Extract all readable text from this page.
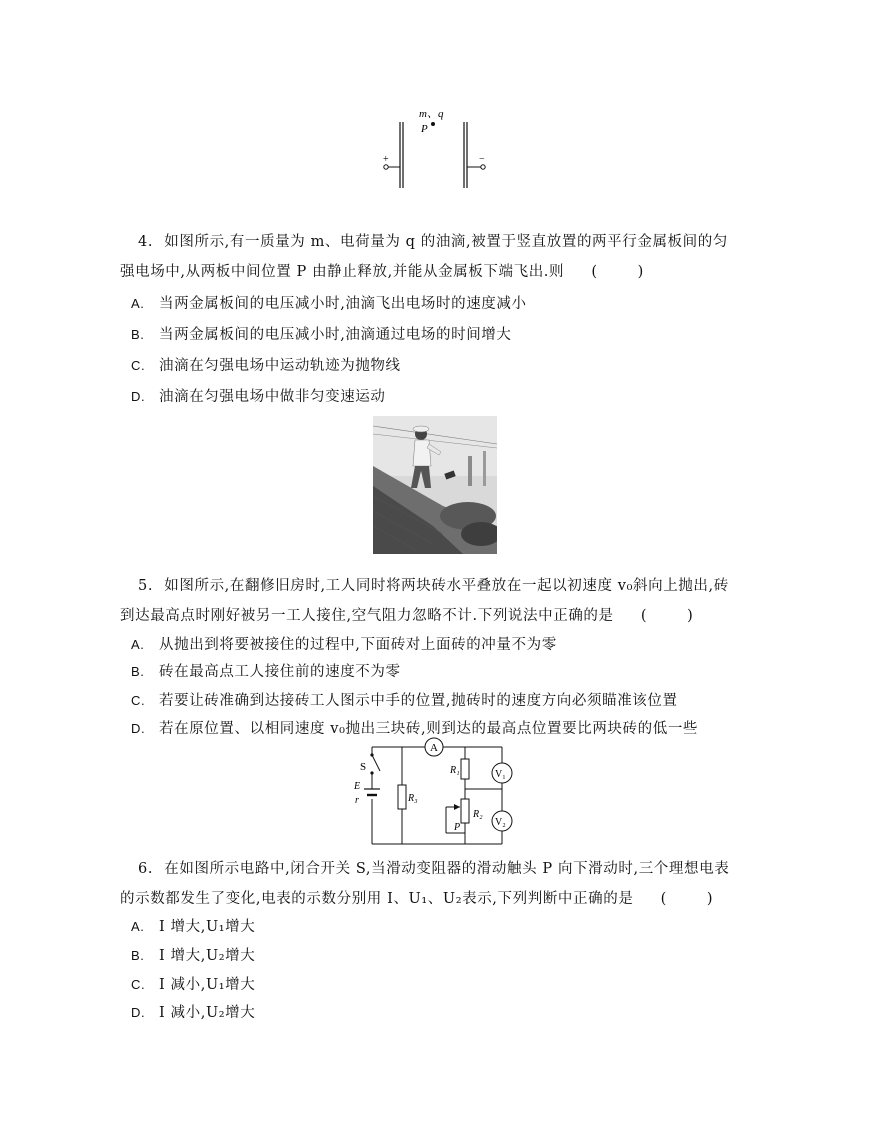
m、q
P
+	−
4. 如图所示,有一质量为 m、电荷量为 q 的油滴,被置于竖直放置的两平行金属板间的匀
强电场中,从两板中间位置 P 由静止释放,并能从金属板下端飞出.则 (	)
A. 当两金属板间的电压减小时,油滴飞出电场时的速度减小
B. 当两金属板间的电压减小时,油滴通过电场的时间增大
C. 油滴在匀强电场中运动轨迹为抛物线
D. 油滴在匀强电场中做非匀变速运动
5. 如图所示,在翻修旧房时,工人同时将两块砖水平叠放在一起以初速度 v₀斜向上抛出,砖
到达最高点时刚好被另一工人接住,空气阻力忽略不计.下列说法中正确的是 (	)
A. 从抛出到将要被接住的过程中,下面砖对上面砖的冲量不为零
B. 砖在最高点工人接住前的速度不为零
C. 若要让砖准确到达接砖工人图示中手的位置,抛砖时的速度方向必须瞄准该位置
D. 若在原位置、以相同速度 v₀抛出三块砖,则到达的最高点位置要比两块砖的低一些
A
V₁
V₂
S
E
r	R₃
R₁
R₂
P
6. 在如图所示电路中,闭合开关 S,当滑动变阻器的滑动触头 P 向下滑动时,三个理想电表
的示数都发生了变化,电表的示数分别用 I、U₁、U₂表示,下列判断中正确的是 (	)
A. I 增大,U₁增大
B. I 增大,U₂增大
C. I 减小,U₁增大
D. I 减小,U₂增大
